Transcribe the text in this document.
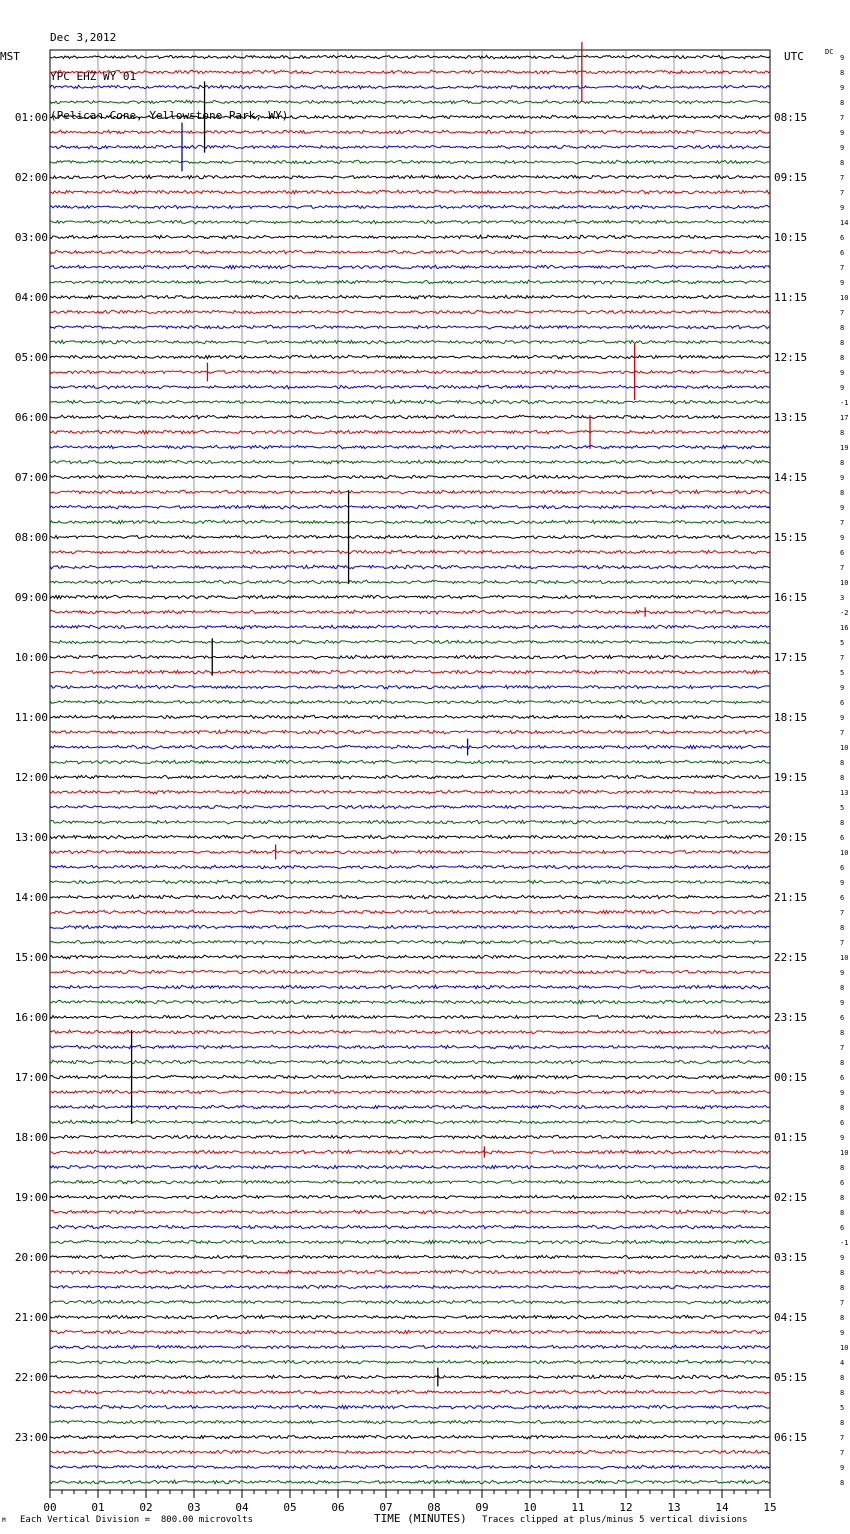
Dec 3,2012

YPC EHZ WY 01

(Pelican Cone, Yellowstone Park, WY)

MST	UTC	DC
9
8
9
8
7
9
9
8
7
7
9
14
6
6
7
9
10
7
8
8
8
9
9
-1
17
8
19
8
9
8
9
7
9
6
7
10
3
-2
16
5
7
5
9
6
9
7
10
8
8
13
5
8
6
10
6
9
6
7
8
7
10
9
8
9
6
8
7
8
6
9
8
6
9
10
8
6
8
8
6
-1
9
8
8
7
8
9
10
4
8
8
5
8
7
7
9
8
01:00
02:00
03:00
04:00
05:00
06:00
07:00
08:00
09:00
10:00
11:00
12:00
13:00
14:00
15:00
16:00
17:00
18:00
19:00
20:00
21:00
22:00
23:00
08:15
09:15
10:15
11:15
12:15
13:15
14:15
15:15
16:15
17:15
18:15
19:15
20:15
21:15
22:15
23:15
00:15
01:15
02:15
03:15
04:15
05:15
06:15
00	01	02	03	04	05	06	07	08	09	10	11	12	13	14	15
M Each Vertical Division =  800.00 microvolts	TIME (MINUTES) Traces clipped at plus/minus 5 vertical divisions
